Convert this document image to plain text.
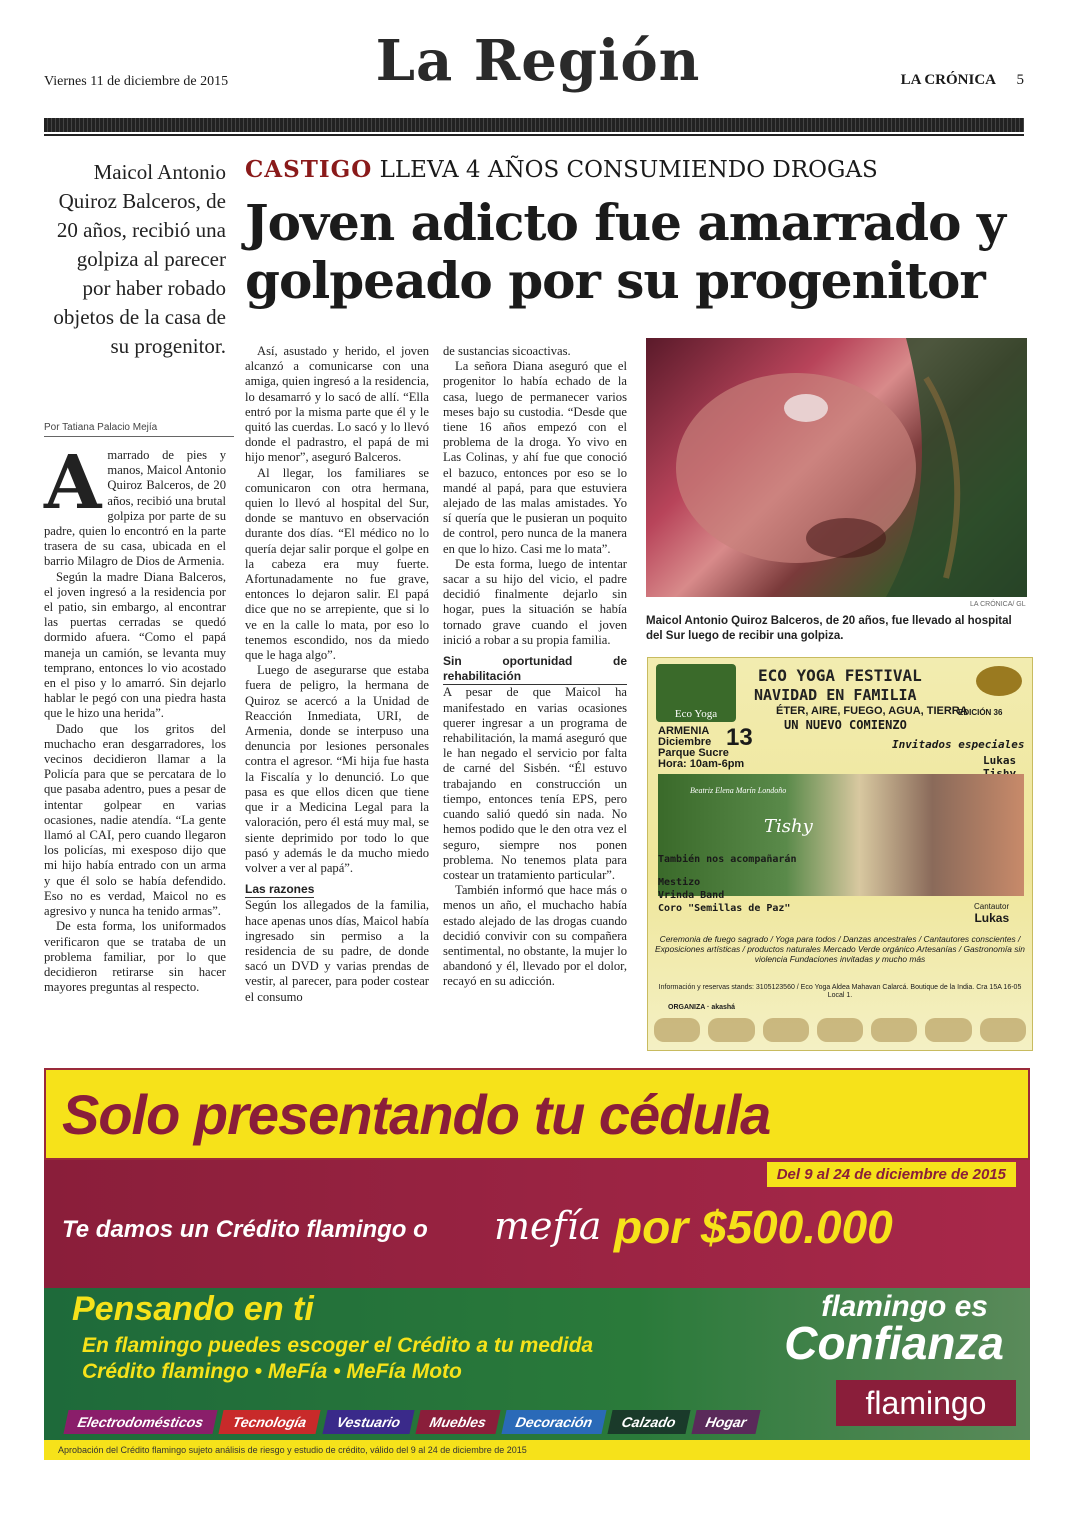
Viernes 11 de diciembre de 2015	La Región	LA CRÓNICA 5
Maicol Antonio Quiroz Balceros, de 20 años, recibió una golpiza al parecer por haber robado objetos de la casa de su progenitor.
CASTIGO LLEVA 4 AÑOS CONSUMIENDO DROGAS
Joven adicto fue amarrado y golpeado por su progenitor
Por Tatiana Palacio Mejía

Amarrado de pies y manos, Maicol Antonio Quiroz Balceros, de 20 años, recibió una brutal golpiza por parte de su padre, quien lo encontró en la parte trasera de su casa, ubicada en el barrio Milagro de Dios de Armenia.

Según la madre Diana Balceros, el joven ingresó a la residencia por el patio, sin embargo, al encontrar las puertas cerradas se quedó dormido afuera. “Como el papá maneja un camión, se levanta muy temprano, entonces lo vio acostado en el piso y lo amarró. Sin dejarlo hablar le pegó con una piedra hasta que le hizo una herida”.

Dado que los gritos del muchacho eran desgarradores, los vecinos decidieron llamar a la Policía para que se percatara de lo que pasaba adentro, pues a pesar de intentar golpear en varias ocasiones, nadie atendía. “La gente llamó al CAI, pero cuando llegaron los policías, mi exesposo dijo que mi hijo había entrado con un arma y que él solo se había defendido. Eso no es verdad, Maicol no es agresivo y nunca ha tenido armas”.

De esta forma, los uniformados verificaron que se trataba de un problema familiar, por lo que decidieron retirarse sin hacer mayores preguntas al respecto.

Así, asustado y herido, el joven alcanzó a comunicarse con una amiga, quien ingresó a la residencia, lo desamarró y lo sacó de allí. “Ella entró por la misma parte que él y le quitó las cuerdas. Lo sacó y lo llevó donde el padrastro, el papá de mi hijo menor”, aseguró Balceros.

Al llegar, los familiares se comunicaron con otra hermana, quien lo llevó al hospital del Sur, donde se mantuvo en observación durante dos días. “El médico no lo quería dejar salir porque el golpe en la cabeza era muy fuerte. Afortunadamente no fue grave, entonces lo dejaron salir. El papá dice que no se arrepiente, que si lo ve en la calle lo mata, por eso lo tenemos escondido, nos da miedo que le haga algo”.

Luego de asegurarse que estaba fuera de peligro, la hermana de Quiroz se acercó a la Unidad de Reacción Inmediata, URI, de Armenia, donde se interpuso una denuncia por lesiones personales contra el agresor. “Mi hija fue hasta la Fiscalía y lo denunció. Lo que pasa es que ellos dicen que tiene que ir a Medicina Legal para la valoración, pero él está muy mal, se siente deprimido por todo lo que pasó y además le da mucho miedo volver a ver al papá”.

Las razones

Según los allegados de la familia, hace apenas unos días, Maicol había ingresado sin permiso a la residencia de su padre, de donde sacó un DVD y varias prendas de vestir, al parecer, para poder costear el consumo

de sustancias sicoactivas.

La señora Diana aseguró que el progenitor lo había echado de la casa, luego de permanecer varios meses bajo su custodia. “Desde que tiene 16 años empezó con el problema de la droga. Yo vivo en Las Colinas, y ahí fue que conoció el bazuco, entonces por eso se lo mandé al papá, para que estuviera alejado de las malas amistades. Yo sí quería que le pusieran un poquito de control, pero nunca de la manera en que lo hizo. Casi me lo mata”.

De esta forma, luego de intentar sacar a su hijo del vicio, el padre decidió finalmente dejarlo sin hogar, pues la situación se había tornado grave cuando el joven inició a robar a su propia familia.

Sin oportunidad de rehabilitación

A pesar de que Maicol ha manifestado en varias ocasiones querer ingresar a un programa de rehabilitación, la mamá aseguró que le han negado el servicio por falta de carné del Sisbén. “Él estuvo trabajando en construcción un tiempo, entonces tenía EPS, pero cuando salió quedó sin nada. No hemos podido que le den otra vez el seguro, siempre nos ponen problema. No tenemos plata para costear un tratamiento particular”.

También informó que hace más o menos un año, el muchacho había estado alejado de las drogas cuando decidió convivir con su compañera sentimental, no obstante, la mujer lo abandonó y él, llevado por el dolor, recayó en su adicción.

LA CRÓNICA/ GL
Maicol Antonio Quiroz Balceros, de 20 años, fue llevado al hospital del Sur luego de recibir una golpiza.
Eco Yoga
ECO YOGA FESTIVAL
NAVIDAD EN FAMILIA
ÉTER, AIRE, FUEGO, AGUA, TIERRA
EDICIÓN 36
UN NUEVO COMIENZO
ARMENIA
Diciembre 13
Parque Sucre
Hora: 10am-6pm
Invitados especiales
Lukas

Beatriz Elena Marín Londoño
Tishy
También nos acompañarán
Mestizo
Vrinda Band
Coro "Semillas de Paz"	Cantautor
Lukas
Ceremonia de fuego sagrado / Yoga para todos / Danzas ancestrales / Cantautores conscientes / Exposiciones artísticas / productos naturales Mercado Verde orgánico Artesanías / Gastronomía sin violencia Fundaciones invitadas y mucho más
Información y reservas stands: 3105123560 / Eco Yoga Aldea Mahavan Calarcá. Boutique de la India. Cra 15A 16-05 Local 1.
ORGANIZA · akashá
Solo presentando tu cédula
Del 9 al 24 de diciembre de 2015
Te damos un Crédito flamingo o mefía por $500.000
Pensando en ti
En flamingo puedes escoger el Crédito a tu medida
Crédito flamingo • MeFía • MeFía Moto
flamingo es
Confianza
flamingo
Electrodomésticos	Tecnología	Vestuario	Muebles	Decoración	Calzado	Hogar
Aprobación del Crédito flamingo sujeto análisis de riesgo y estudio de crédito, válido del 9 al 24 de diciembre de 2015
